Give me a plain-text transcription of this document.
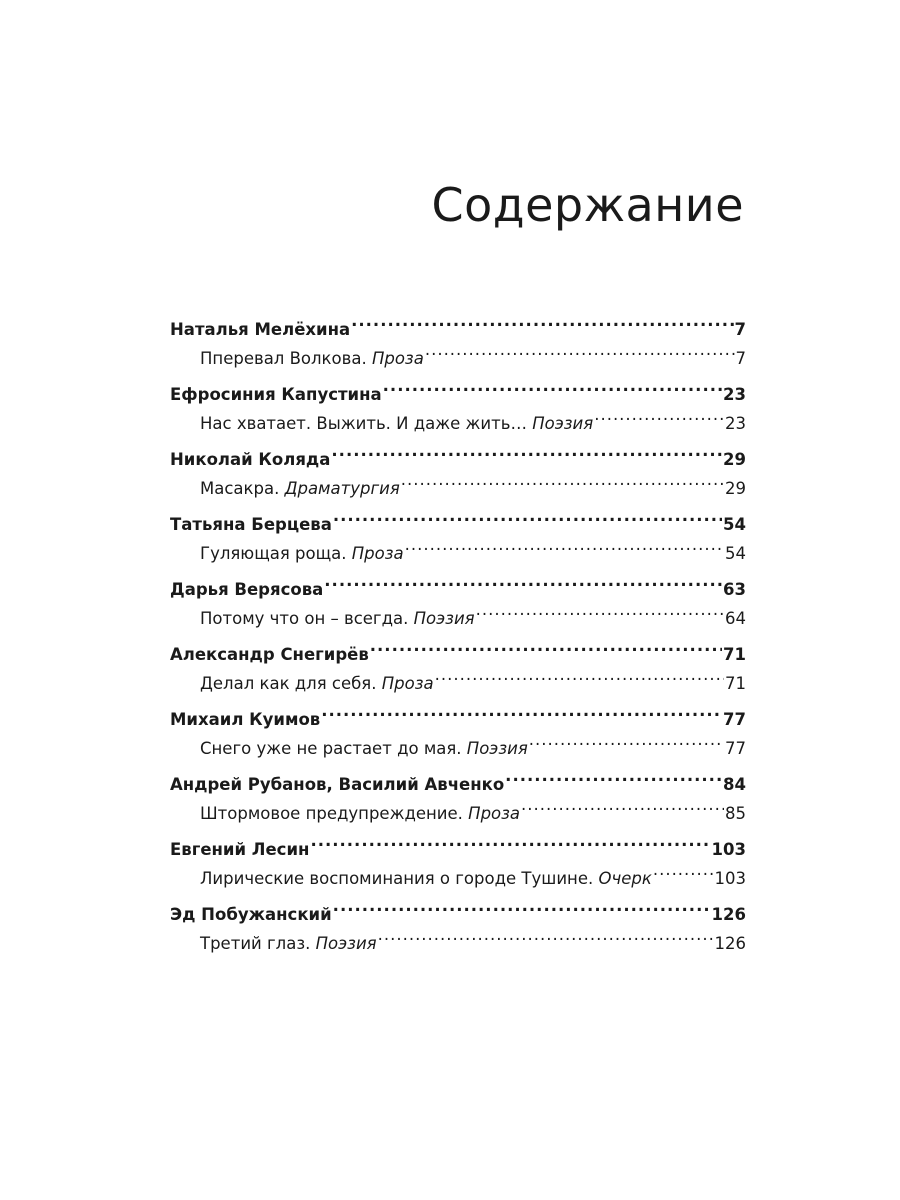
Содержание
Наталья Мелёхина .....	7
Пперевал Волкова.
Проза .....	7
Ефросиния Капустина .....	23
Нас хватает. Выжить. И даже жить…
Поэзия .....	23
Николай Коляда .....	29
Масакра.
Драматургия .....	29
Татьяна Берцева .....	54
Гуляющая роща.
Проза .....	54
Дарья Верясова .....	63
Потому что он – всегда.
Поэзия .....	64
Александр Снегирёв .....	71
Делал как для себя.
Проза .....	71
Михаил Куимов .....	77
Снего уже не растает до мая.
Поэзия .....	77
Андрей Рубанов, Василий Авченко .....	84
Штормовое предупреждение.
Проза .....	85
Евгений Лесин .....	103
Лирические воспоминания о городе Тушине.
Очерк .....	103
Эд Побужанский .....	126
Третий глаз.
Поэзия .....	126
